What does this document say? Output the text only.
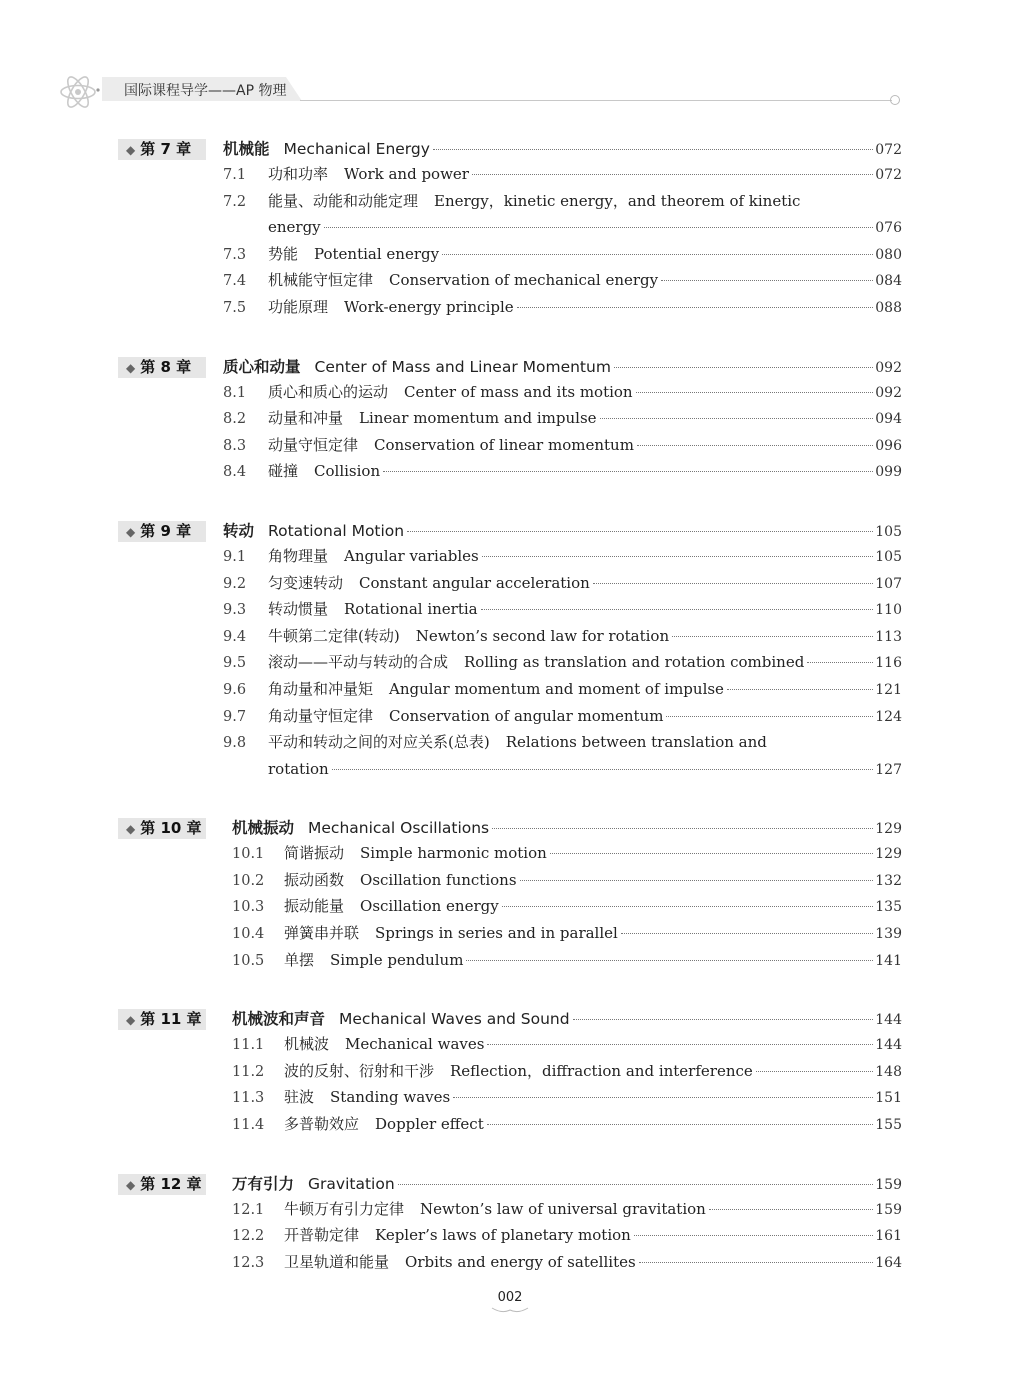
国际课程导学——AP 物理
◆ 第 7 章	机械能 Mechanical Energy	072
7.1	功和功率 Work and power	072
7.2	能量、动能和动能定理 Energy，kinetic energy，and theorem of kinetic
energy	076
7.3	势能 Potential energy	080
7.4	机械能守恒定律 Conservation of mechanical energy	084
7.5	功能原理 Work-energy principle	088
◆ 第 8 章	质心和动量 Center of Mass and Linear Momentum	092
8.1	质心和质心的运动 Center of mass and its motion	092
8.2	动量和冲量 Linear momentum and impulse	094
8.3	动量守恒定律 Conservation of linear momentum	096
8.4	碰撞 Collision	099
◆ 第 9 章	转动 Rotational Motion	105
9.1	角物理量 Angular variables	105
9.2	匀变速转动 Constant angular acceleration	107
9.3	转动惯量 Rotational inertia	110
9.4	牛顿第二定律(转动) Newton’s second law for rotation	113
9.5	滚动——平动与转动的合成 Rolling as translation and rotation combined	116
9.6	角动量和冲量矩 Angular momentum and moment of impulse	121
9.7	角动量守恒定律 Conservation of angular momentum	124
9.8	平动和转动之间的对应关系(总表) Relations between translation and
rotation	127
◆ 第 10 章 机械振动 Mechanical Oscillations	129
10.1	简谐振动 Simple harmonic motion	129
10.2	振动函数 Oscillation functions	132
10.3	振动能量 Oscillation energy	135
10.4	弹簧串并联 Springs in series and in parallel	139
10.5	单摆 Simple pendulum	141
◆ 第 11 章 机械波和声音 Mechanical Waves and Sound	144
11.1	机械波 Mechanical waves	144
11.2	波的反射、衍射和干涉 Reflection，diffraction and interference	148
11.3	驻波 Standing waves	151
11.4	多普勒效应 Doppler effect	155
◆ 第 12 章 万有引力 Gravitation	159
12.1	牛顿万有引力定律 Newton’s law of universal gravitation	159
12.2	开普勒定律 Kepler’s laws of planetary motion	161
12.3	卫星轨道和能量 Orbits and energy of satellites	164
002
